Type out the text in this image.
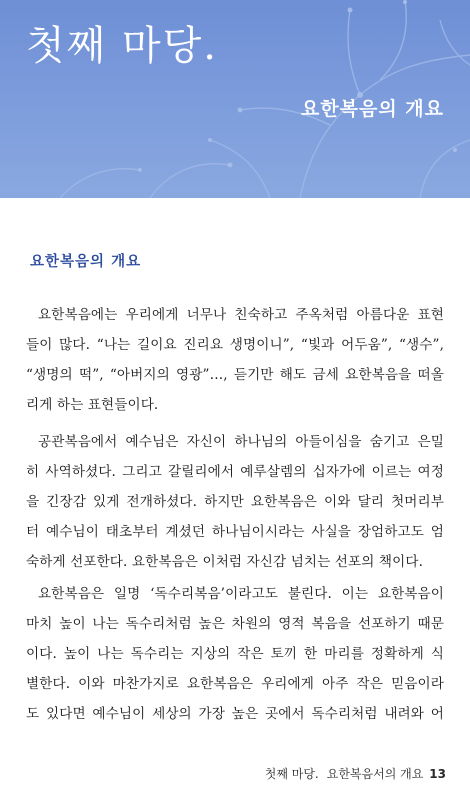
첫째 마당.
요한복음의 개요
요한복음의 개요
요한복음에는 우리에게 너무나 친숙하고 주옥처럼 아름다운 표현
들이 많다. “나는 길이요 진리요 생명이니”, “빛과 어두움”, “생수”,
“생명의 떡”, “아버지의 영광”…, 듣기만 해도 금세 요한복음을 떠올
리게 하는 표현들이다.
공관복음에서 예수님은 자신이 하나님의 아들이심을 숨기고 은밀
히 사역하셨다. 그리고 갈릴리에서 예루살렘의 십자가에 이르는 여정
을 긴장감 있게 전개하셨다. 하지만 요한복음은 이와 달리 첫머리부
터 예수님이 태초부터 계셨던 하나님이시라는 사실을 장엄하고도 엄
숙하게 선포한다. 요한복음은 이처럼 자신감 넘치는 선포의 책이다.
요한복음은 일명 ‘독수리복음’이라고도 불린다. 이는 요한복음이
마치 높이 나는 독수리처럼 높은 차원의 영적 복음을 선포하기 때문
이다. 높이 나는 독수리는 지상의 작은 토끼 한 마리를 정확하게 식
별한다. 이와 마찬가지로 요한복음은 우리에게 아주 작은 믿음이라
도 있다면 예수님이 세상의 가장 높은 곳에서 독수리처럼 내려와 어
첫째 마당. 요한복음서의 개요 13
